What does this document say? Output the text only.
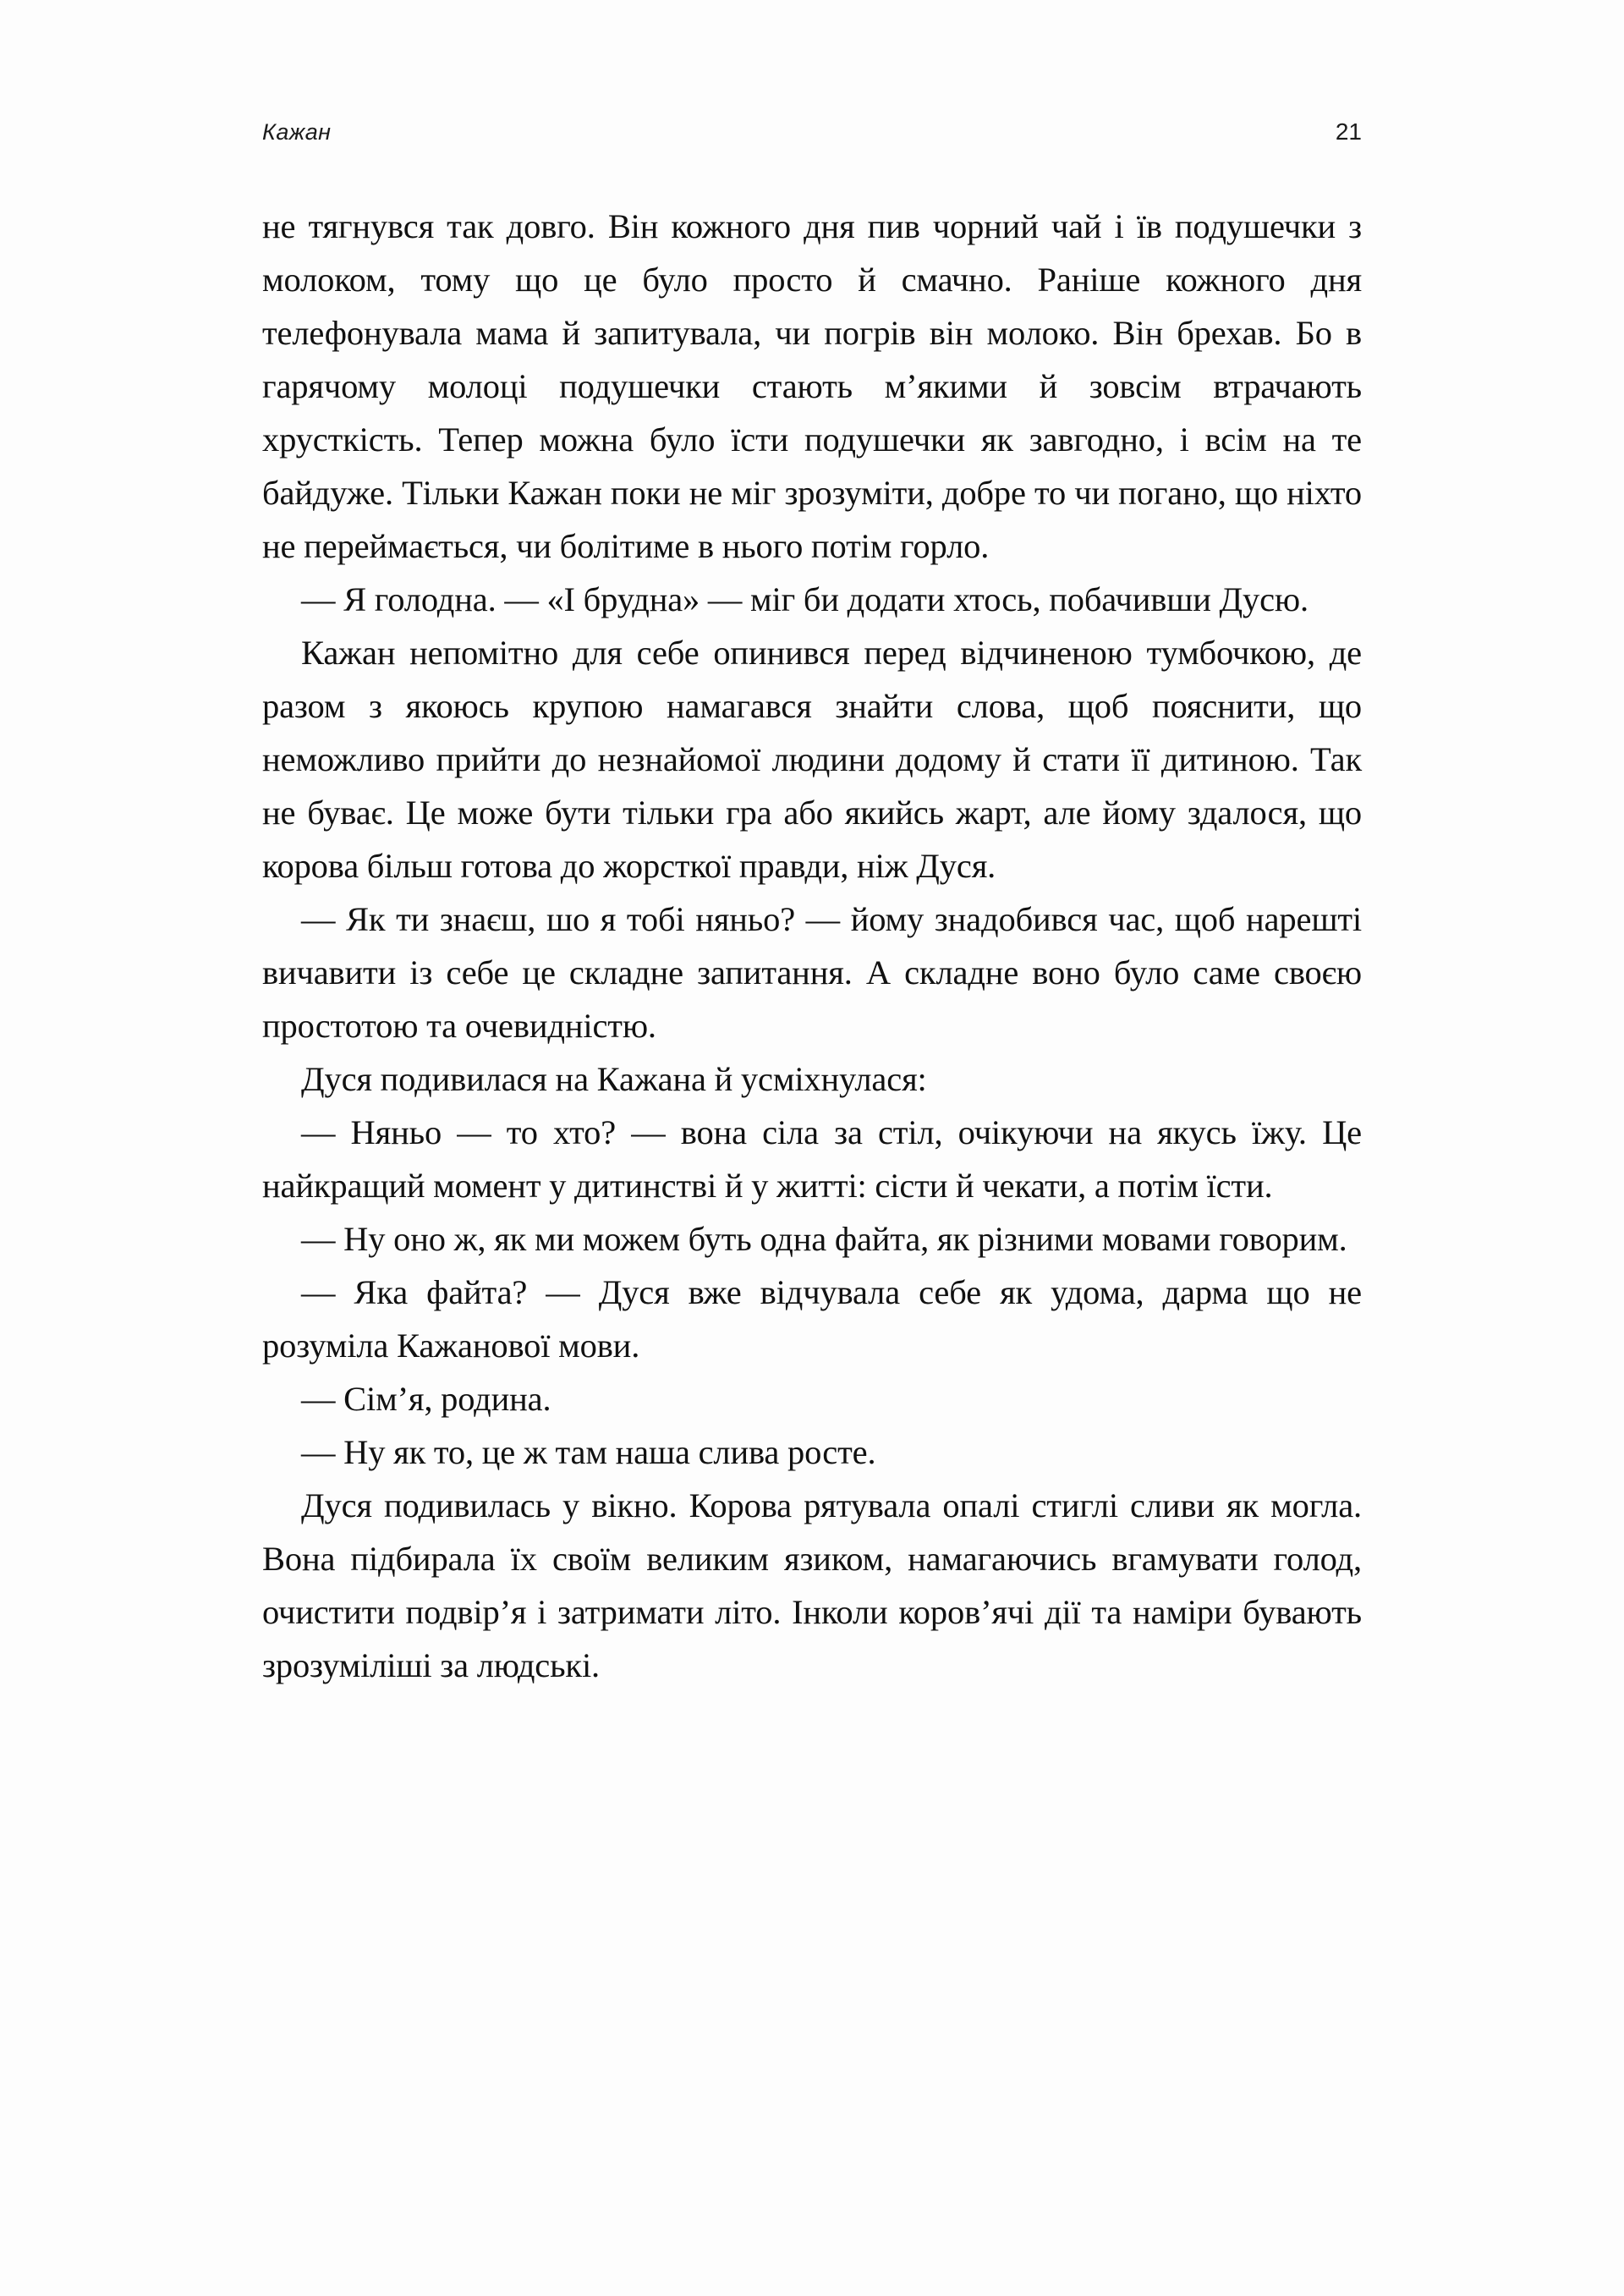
Кажан	21

не тягнувся так довго. Він кожного дня пив чорний чай і їв подушечки з молоком, тому що це було просто й смачно. Раніше кожного дня телефонувала мама й запитувала, чи погрів він молоко. Він брехав. Бо в гарячому молоці подушечки стають м’якими й зовсім втрачають хрусткість. Тепер можна було їсти подушечки як завгодно, і всім на те байдуже. Тільки Кажан поки не міг зрозуміти, добре то чи погано, що ніхто не переймається, чи болітиме в нього потім горло.

— Я голодна. — «І брудна» — міг би додати хтось, побачивши Дусю.

Кажан непомітно для себе опинився перед відчиненою тумбочкою, де разом з якоюсь крупою намагався знайти слова, щоб пояснити, що неможливо прийти до незнайомої людини додому й стати її дитиною. Так не буває. Це може бути тільки гра або якийсь жарт, але йому здалося, що корова більш готова до жорсткої правди, ніж Дуся.

— Як ти знаєш, шо я тобі няньо? — йому знадобився час, щоб нарешті вичавити із себе це складне запитання. А складне воно було саме своєю простотою та очевидністю.

Дуся подивилася на Кажана й усміхнулася:

— Няньо — то хто? — вона сіла за стіл, очікуючи на якусь їжу. Це найкращий момент у дитинстві й у житті: сісти й чекати, а потім їсти.

— Ну оно ж, як ми можем буть одна файта, як різними мовами говорим.

— Яка файта? — Дуся вже відчувала себе як удома, дарма що не розуміла Кажанової мови.

— Сім’я, родина.

— Ну як то, це ж там наша слива росте.

Дуся подивилась у вікно. Корова рятувала опалі стиглі сливи як могла. Вона підбирала їх своїм великим язиком, намагаючись вгамувати голод, очистити подвір’я і затримати літо. Інколи коров’ячі дії та наміри бувають зрозуміліші за людські.
